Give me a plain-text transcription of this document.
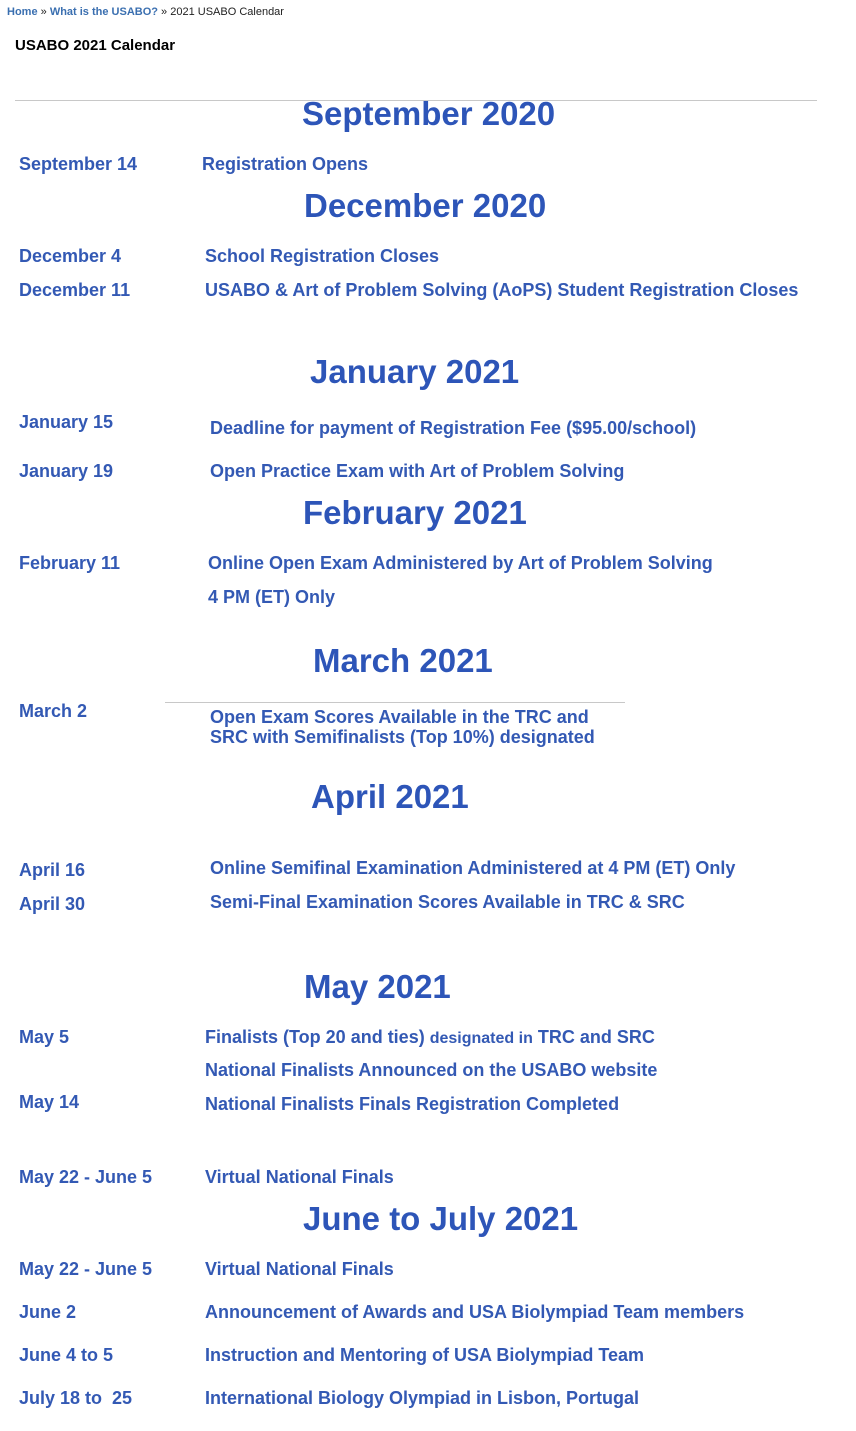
Home » What is the USABO? » 2021 USABO Calendar
USABO 2021 Calendar
September 2020
September 14	Registration Opens
December 2020
December 4	School Registration Closes
December 11	USABO & Art of Problem Solving (AoPS) Student Registration Closes
January 2021
January 15	Deadline for payment of Registration Fee ($95.00/school)
January 19	Open Practice Exam with Art of Problem Solving
February 2021
February 11	Online Open Exam Administered by Art of Problem Solving
4 PM (ET) Only
March 2021
March 2	Open Exam Scores Available in the TRC and
SRC with Semifinalists (Top 10%) designated
April 2021
April 16	Online Semifinal Examination Administered at 4 PM (ET) Only
April 30	Semi-Final Examination Scores Available in TRC & SRC
May 2021
May 5	Finalists (Top 20 and ties) designated in TRC and SRC
National Finalists Announced on the USABO website
May 14	National Finalists Finals Registration Completed
May 22 - June 5	Virtual National Finals
June to July 2021
May 22 - June 5	Virtual National Finals
June 2	Announcement of Awards and USA Biolympiad Team members
June 4 to 5	Instruction and Mentoring of USA Biolympiad Team
July 18 to  25	International Biology Olympiad in Lisbon, Portugal
